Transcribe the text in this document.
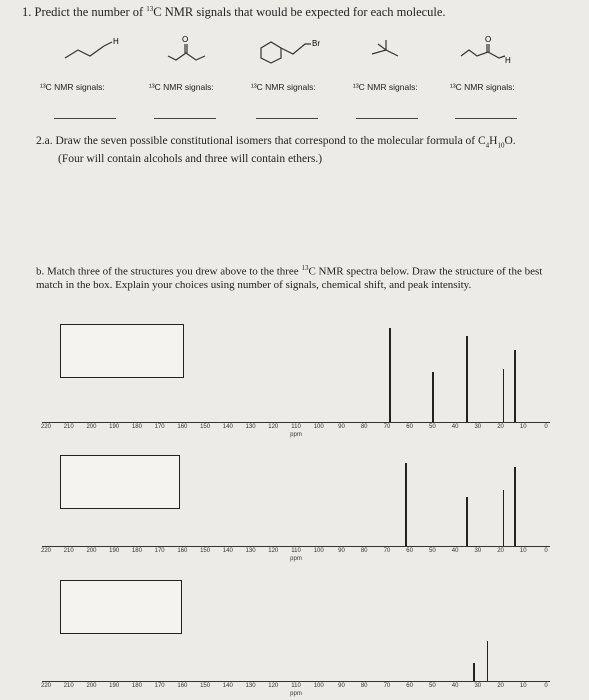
1. Predict the number of $^{13}$C NMR signals that would be expected for each molecule.
H	O	Br	O
H
¹³C NMR signals:	¹³C NMR signals:	¹³C NMR signals:	¹³C NMR signals:	¹³C NMR signals:
2.a. Draw the seven possible constitutional isomers that correspond to the molecular formula of $C_4H_{10}O$.
(Four will contain alcohols and three will contain ethers.)
b. Match three of the structures you drew above to the three $^{13}$C NMR spectra below. Draw the structure of the best match in the box. Explain your choices using number of signals, chemical shift, and peak intensity.
220 210 200 190 180 170 160 150 140 130 120 110 100 90	80	70	60	50	40	30	20	10	0
ppm
220 210 200 190 180 170 160 150 140 130 120 110 100 90	80	70	60	50	40	30	20	10	0
ppm
220 210 200 190 180 170 160 150 140 130 120 110 100 90	80	70	60	50	40	30	20	10	0
ppm
